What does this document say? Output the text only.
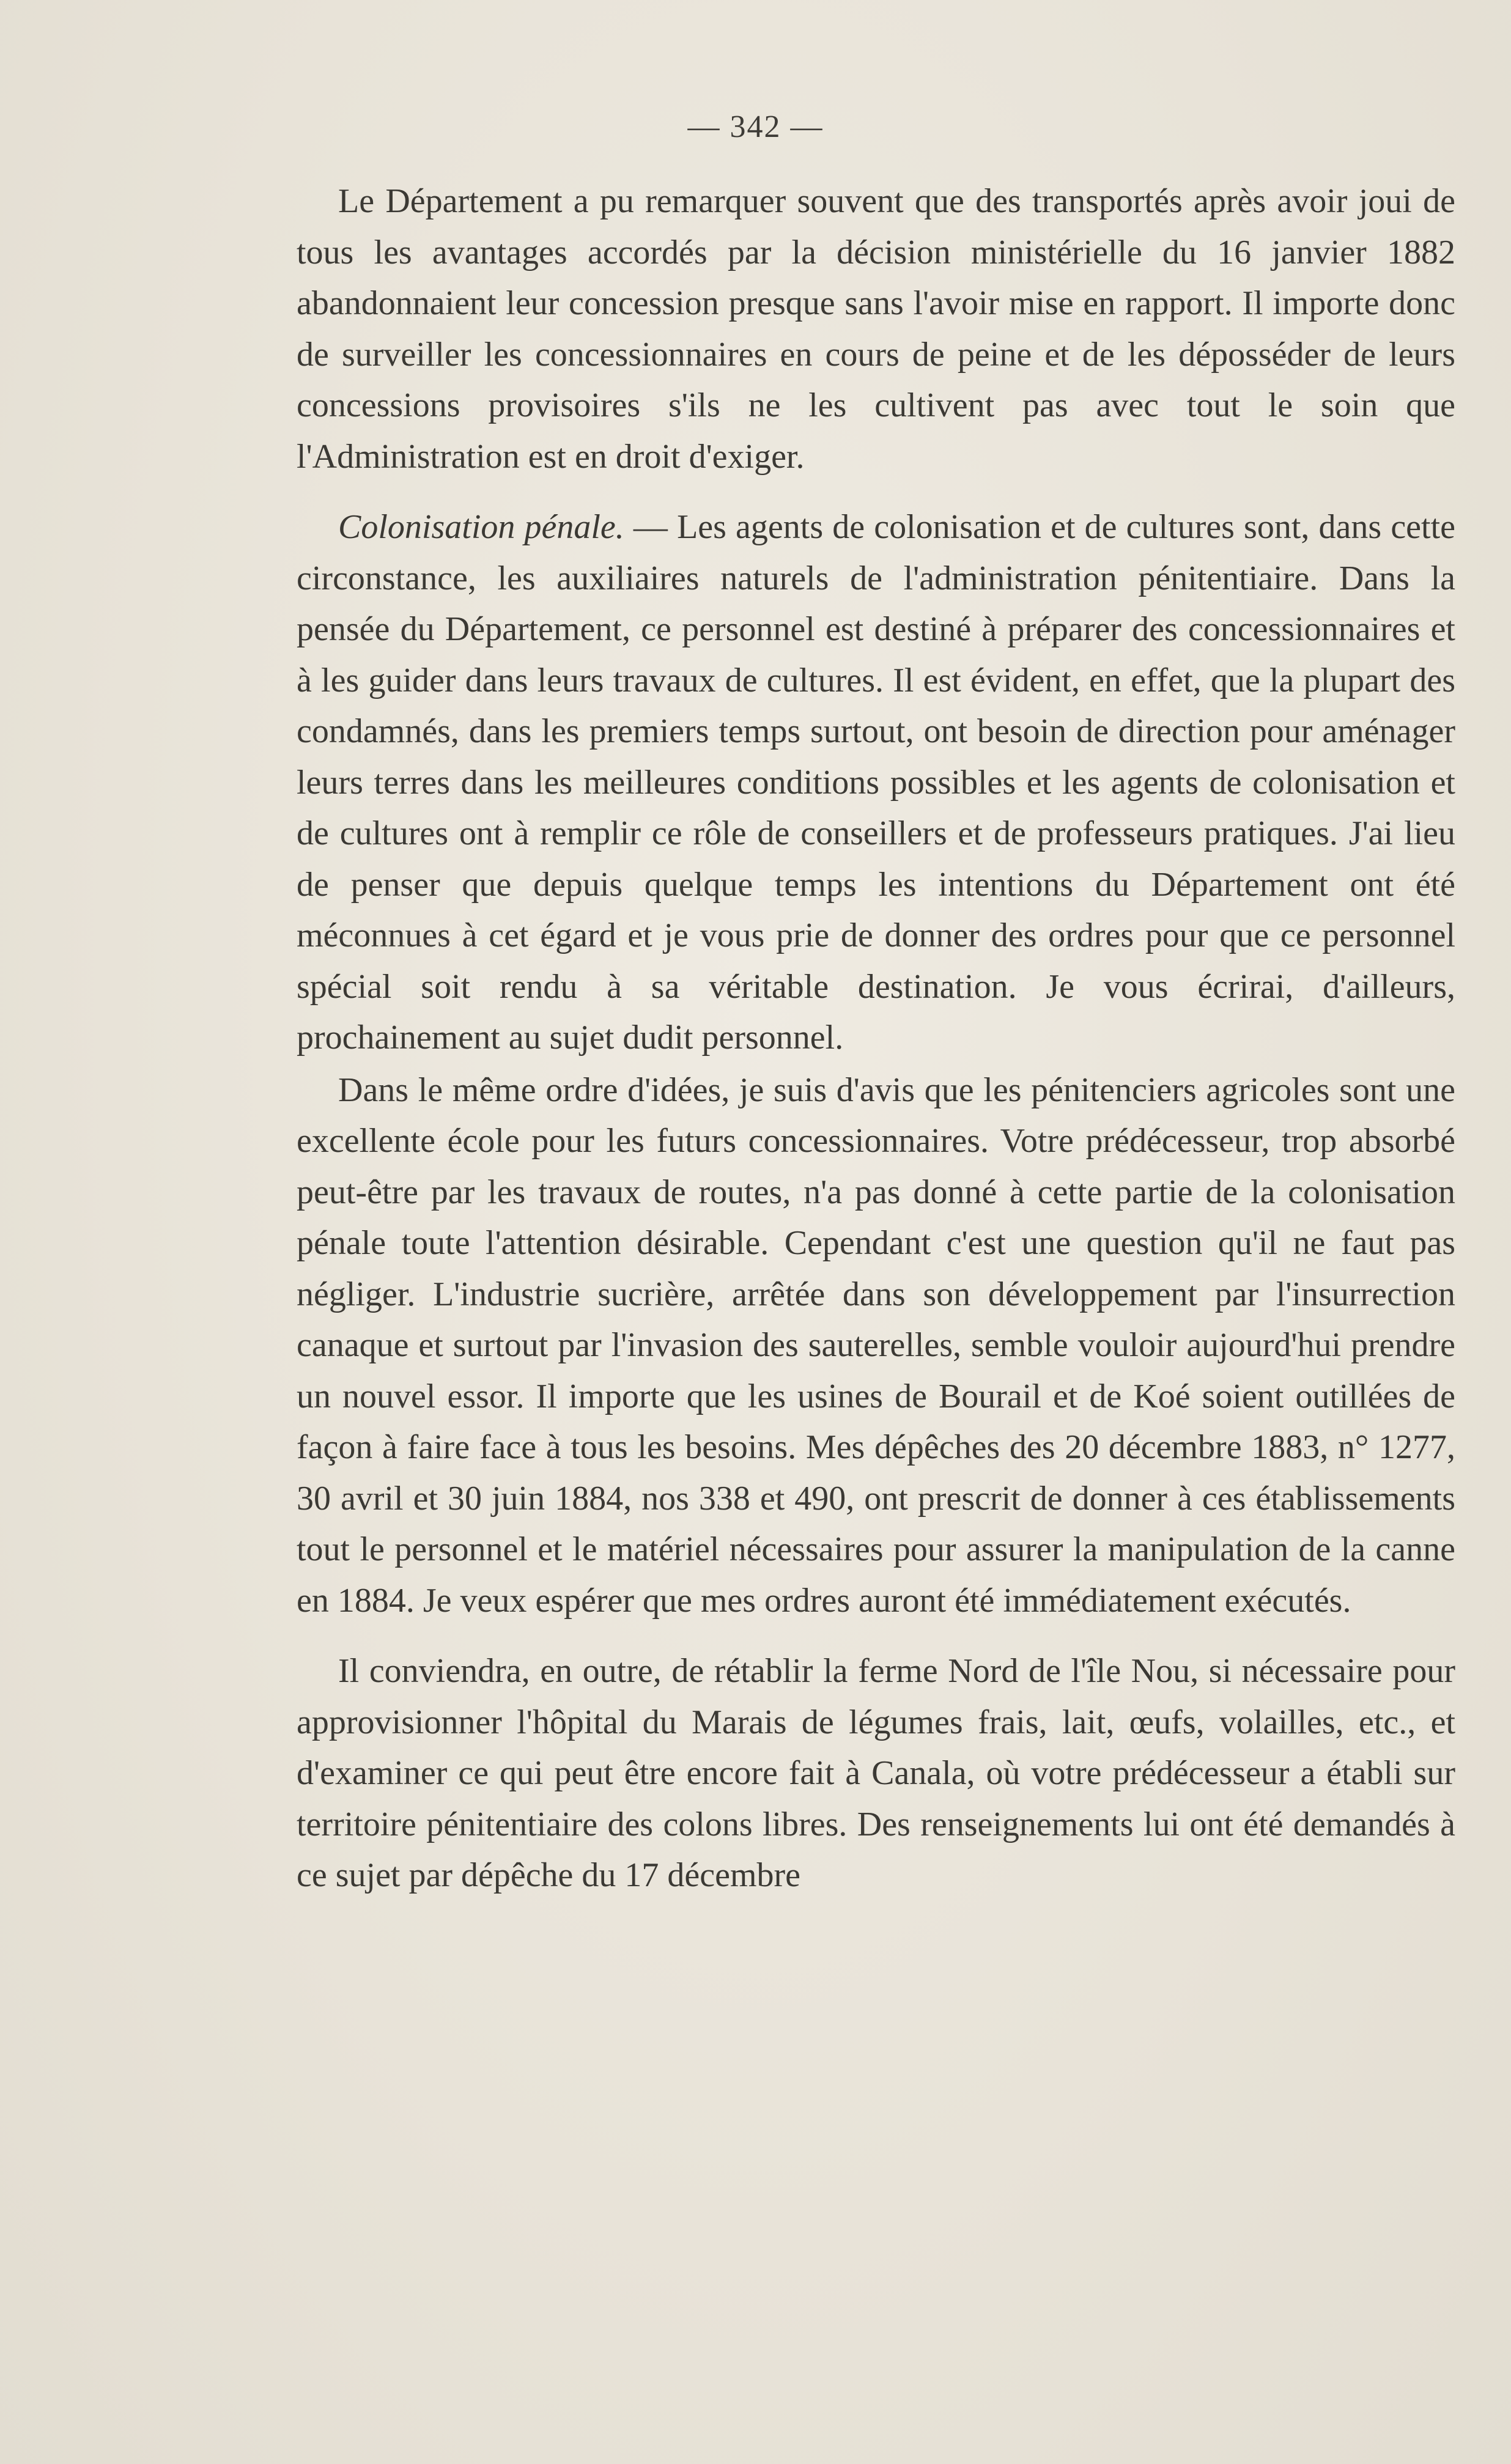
— 342 —

Le Département a pu remarquer souvent que des transportés après avoir joui de tous les avantages accordés par la décision ministérielle du 16 janvier 1882 abandonnaient leur concession presque sans l'avoir mise en rapport. Il importe donc de surveiller les concessionnaires en cours de peine et de les déposséder de leurs concessions provisoires s'ils ne les cultivent pas avec tout le soin que l'Administration est en droit d'exiger.

Colonisation pénale. — Les agents de colonisation et de cultures sont, dans cette circonstance, les auxiliaires naturels de l'administration pénitentiaire. Dans la pensée du Département, ce personnel est destiné à préparer des concessionnaires et à les guider dans leurs travaux de cultures. Il est évident, en effet, que la plupart des condamnés, dans les premiers temps surtout, ont besoin de direction pour aménager leurs terres dans les meilleures conditions possibles et les agents de colonisation et de cultures ont à remplir ce rôle de conseillers et de professeurs pratiques. J'ai lieu de penser que depuis quelque temps les intentions du Département ont été méconnues à cet égard et je vous prie de donner des ordres pour que ce personnel spécial soit rendu à sa véritable destination. Je vous écrirai, d'ailleurs, prochainement au sujet dudit personnel.

Dans le même ordre d'idées, je suis d'avis que les pénitenciers agricoles sont une excellente école pour les futurs concessionnaires. Votre prédécesseur, trop absorbé peut-être par les travaux de routes, n'a pas donné à cette partie de la colonisation pénale toute l'attention désirable. Cependant c'est une question qu'il ne faut pas négliger. L'industrie sucrière, arrêtée dans son développement par l'insurrection canaque et surtout par l'invasion des sauterelles, semble vouloir aujourd'hui prendre un nouvel essor. Il importe que les usines de Bourail et de Koé soient outillées de façon à faire face à tous les besoins. Mes dépêches des 20 décembre 1883, n° 1277, 30 avril et 30 juin 1884, nos 338 et 490, ont prescrit de donner à ces établissements tout le personnel et le matériel nécessaires pour assurer la manipulation de la canne en 1884. Je veux espérer que mes ordres auront été immédiatement exécutés.

Il conviendra, en outre, de rétablir la ferme Nord de l'île Nou, si nécessaire pour approvisionner l'hôpital du Marais de légumes frais, lait, œufs, volailles, etc., et d'examiner ce qui peut être encore fait à Canala, où votre prédécesseur a établi sur territoire pénitentiaire des colons libres. Des renseignements lui ont été demandés à ce sujet par dépêche du 17 décembre
